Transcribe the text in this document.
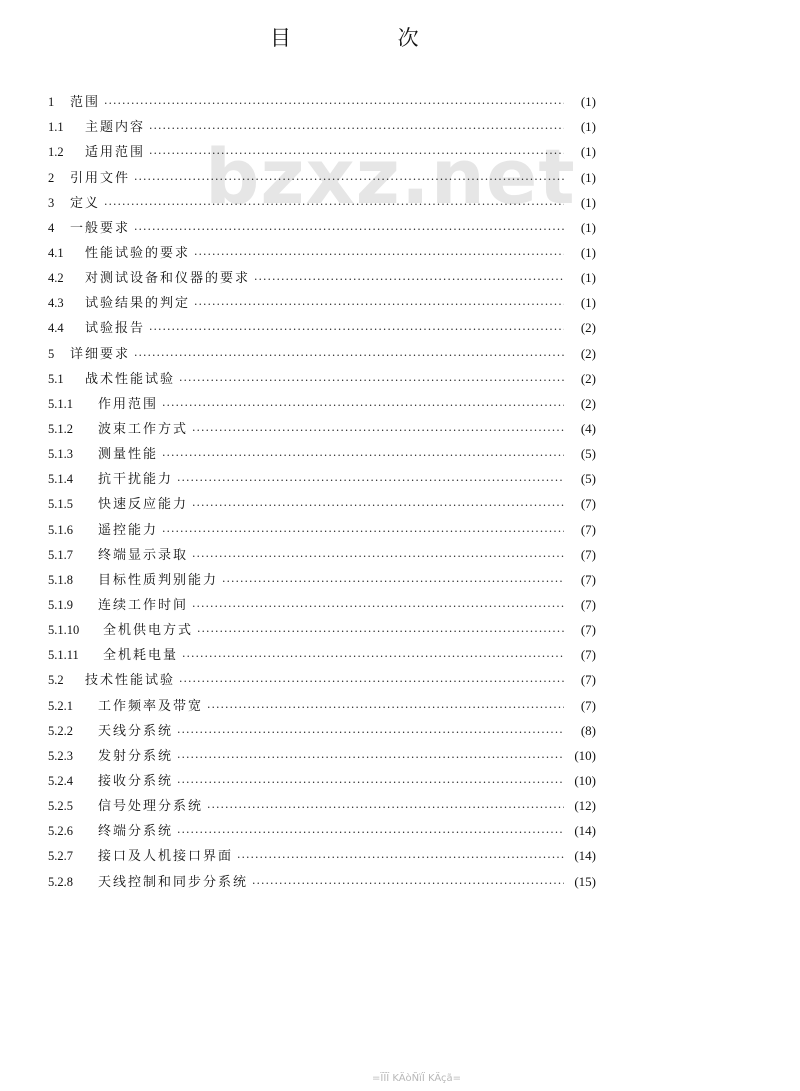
目 次
bzxz.net
1	范围 ·····	(1)
1.1	主题内容 ·····	(1)
1.2	适用范围 ·····	(1)
2	引用文件 ·····	(1)
3	定义 ·····	(1)
4	一般要求 ·····	(1)
4.1	性能试验的要求 ·····	(1)
4.2	对测试设备和仪器的要求 ·····	(1)
4.3	试验结果的判定 ·····	(1)
4.4	试验报告 ·····	(2)
5	详细要求 ·····	(2)
5.1	战术性能试验 ·····	(2)
5.1.1	作用范围 ·····	(2)
5.1.2	波束工作方式 ·····	(4)
5.1.3	测量性能 ·····	(5)
5.1.4	抗干扰能力 ·····	(5)
5.1.5	快速反应能力 ·····	(7)
5.1.6	遥控能力 ·····	(7)
5.1.7	终端显示录取 ·····	(7)
5.1.8	目标性质判别能力 ·····	(7)
5.1.9	连续工作时间 ·····	(7)
5.1.10	全机供电方式 ·····	(7)
5.1.11	全机耗电量 ·····	(7)
5.2	技术性能试验 ·····	(7)
5.2.1	工作频率及带宽 ·····	(7)
5.2.2	天线分系统 ·····	(8)
5.2.3	发射分系统 ·····	(10)
5.2.4	接收分系统 ·····	(10)
5.2.5	信号处理分系统 ·····	(12)
5.2.6	终端分系统 ·····	(14)
5.2.7	接口及人机接口界面 ·····	(14)
5.2.8	天线控制和同步分系统 ·····	(15)
=ÏÏÏ KÄòÑïÏ KÄçã=
